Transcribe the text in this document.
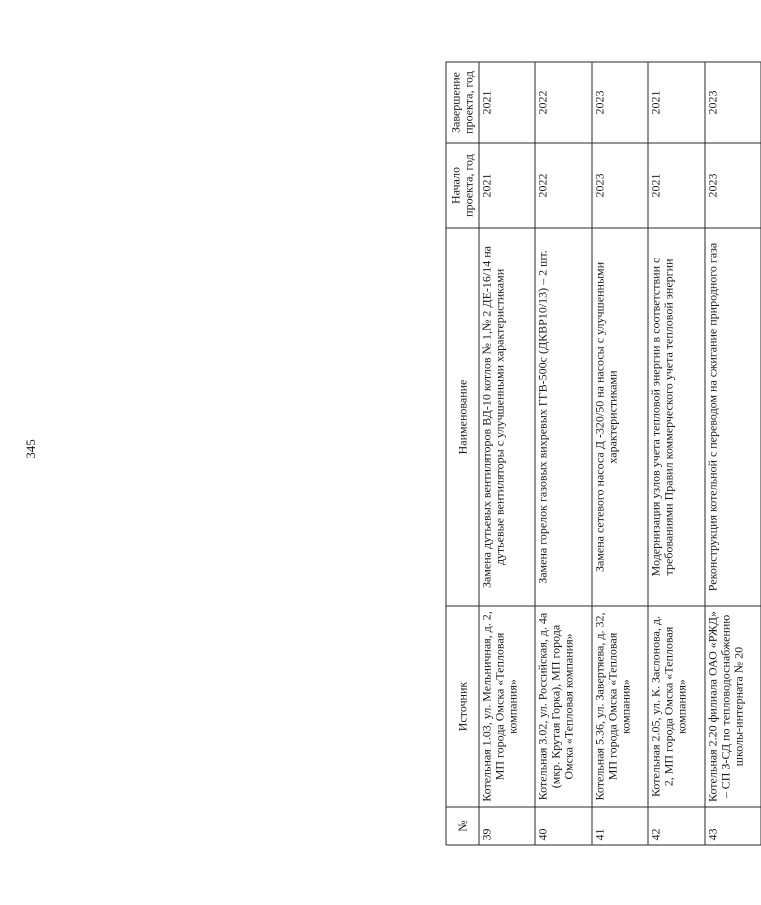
345
№	Источник	Наименование	Начало проекта, год	Завершение проекта, год
39	Котельная 1.03, ул. Мельничная, д. 2, МП города Омска «Тепловая компания»	Замена дутьевых вентиляторов ВД-10 котлов № 1,№ 2 ДЕ-16/14 на дутьевые вентиляторы с улучшенными характеристиками	2021	2021
40	Котельная 3.02, ул. Российская, д. 4а (мкр. Крутая Горка), МП города Омска «Тепловая компания»	Замена горелок газовых вихревых ГГВ-500с (ДКВР10/13) – 2 шт.	2022	2022
41	Котельная 5.36, ул. Завертяева, д. 32, МП города Омска «Тепловая компания»	Замена сетевого насоса Д -320/50 на насосы с улучшенными характеристиками	2023	2023
42	Котельная 2.05, ул. К. Заслонова, д. 2, МП города Омска «Тепловая компания»	Модернизация узлов учета тепловой энергии в соответствии с требованиями Правил коммерческого учета тепловой энергии	2021	2021
43	Котельная 2.20 филиала ОАО «РЖД» – СП З-СД по тепловодоснабжению школы-интерната № 20	Реконструкция котельной с переводом на сжигание природного газа	2023	2023
